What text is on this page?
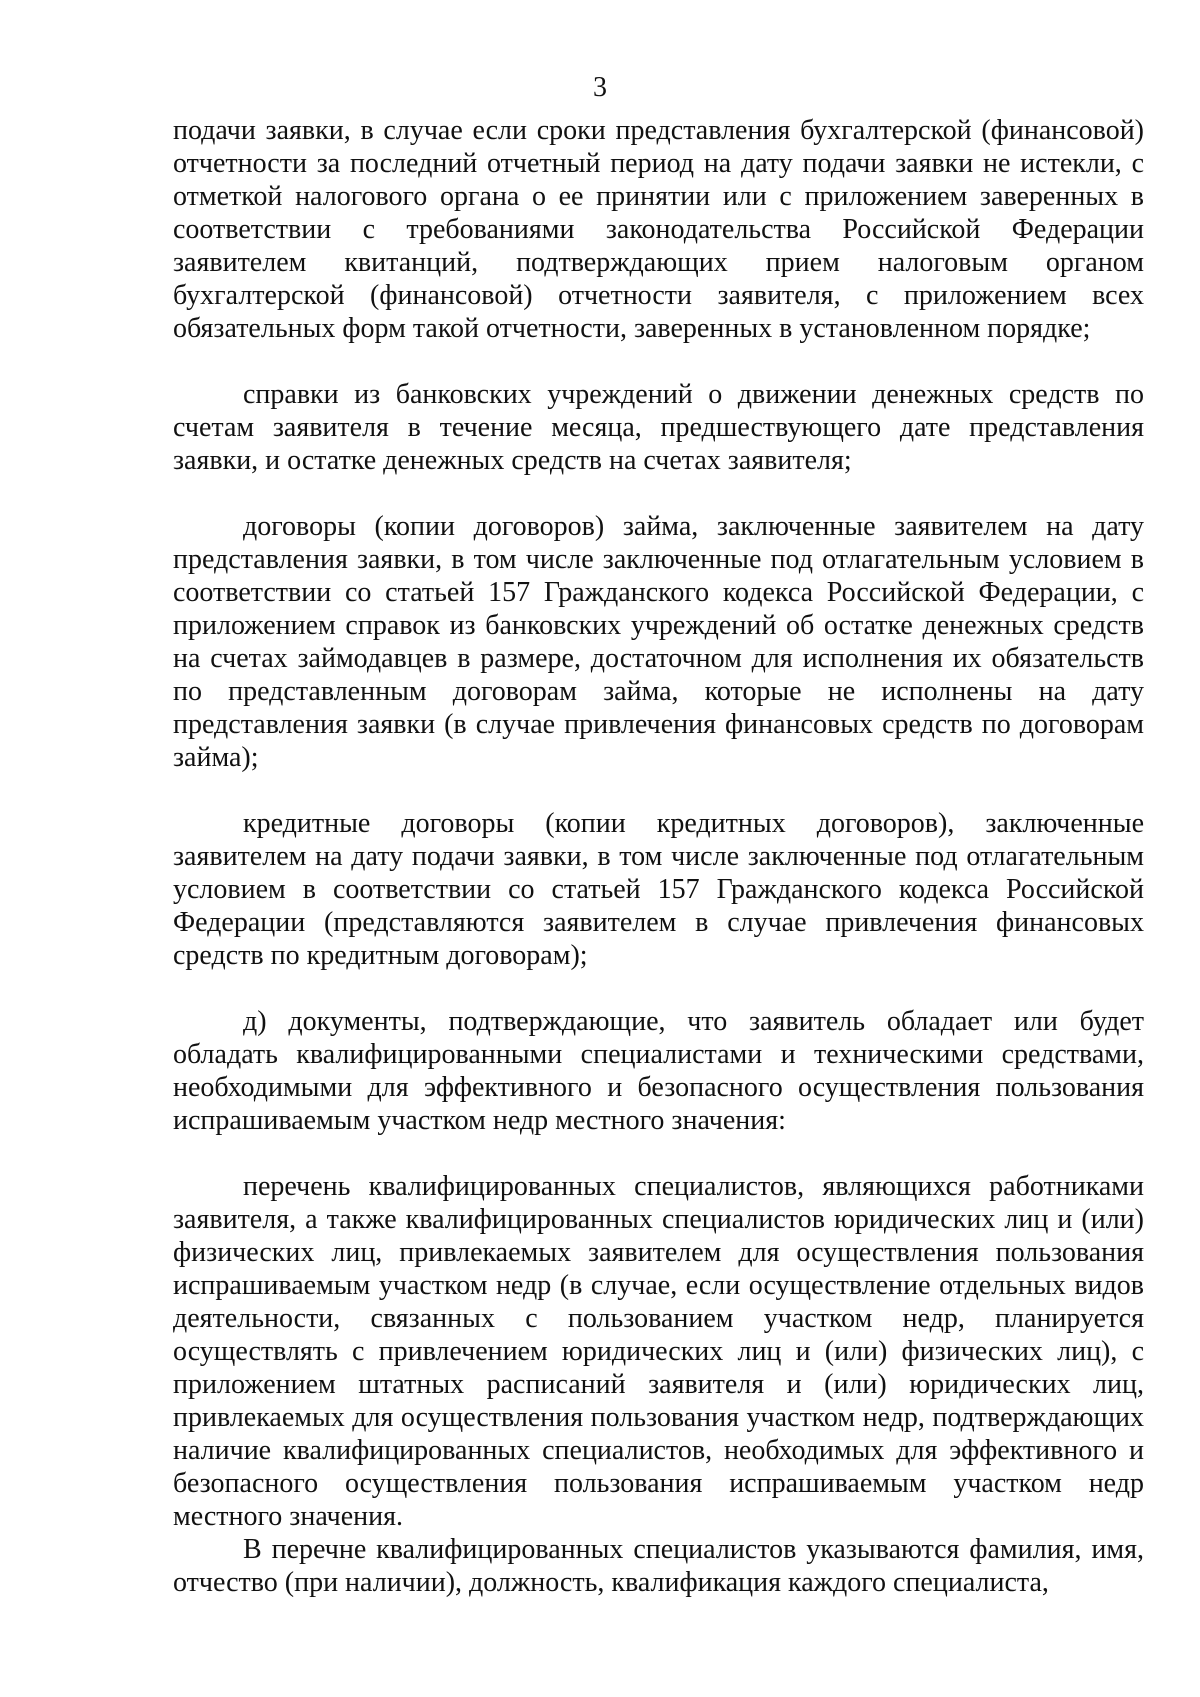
3

подачи заявки, в случае если сроки представления бухгалтерской (финансовой) отчетности за последний отчетный период на дату подачи заявки не истекли, с отметкой налогового органа о ее принятии или с приложением заверенных в соответствии с требованиями законодательства Российской Федерации заявителем квитанций, подтверждающих прием налоговым органом бухгалтерской (финансовой) отчетности заявителя, с приложением всех обязательных форм такой отчетности, заверенных в установленном порядке;

справки из банковских учреждений о движении денежных средств по счетам заявителя в течение месяца, предшествующего дате представления заявки, и остатке денежных средств на счетах заявителя;

договоры (копии договоров) займа, заключенные заявителем на дату представления заявки, в том числе заключенные под отлагательным условием в соответствии со статьей 157 Гражданского кодекса Российской Федерации, с приложением справок из банковских учреждений об остатке денежных средств на счетах займодавцев в размере, достаточном для исполнения их обязательств по представленным договорам займа, которые не исполнены на дату представления заявки (в случае привлечения финансовых средств по договорам займа);

кредитные договоры (копии кредитных договоров), заключенные заявителем на дату подачи заявки, в том числе заключенные под отлагательным условием в соответствии со статьей 157 Гражданского кодекса Российской Федерации (представляются заявителем в случае привлечения финансовых средств по кредитным договорам);

д) документы, подтверждающие, что заявитель обладает или будет обладать квалифицированными специалистами и техническими средствами, необходимыми для эффективного и безопасного осуществления пользования испрашиваемым участком недр местного значения:

перечень квалифицированных специалистов, являющихся работниками заявителя, а также квалифицированных специалистов юридических лиц и (или) физических лиц, привлекаемых заявителем для осуществления пользования испрашиваемым участком недр (в случае, если осуществление отдельных видов деятельности, связанных с пользованием участком недр, планируется осуществлять с привлечением юридических лиц и (или) физических лиц), с приложением штатных расписаний заявителя и (или) юридических лиц, привлекаемых для осуществления пользования участком недр, подтверждающих наличие квалифицированных специалистов, необходимых для эффективного и безопасного осуществления пользования испрашиваемым участком недр местного значения.

В перечне квалифицированных специалистов указываются фамилия, имя, отчество (при наличии), должность, квалификация каждого специалиста,
